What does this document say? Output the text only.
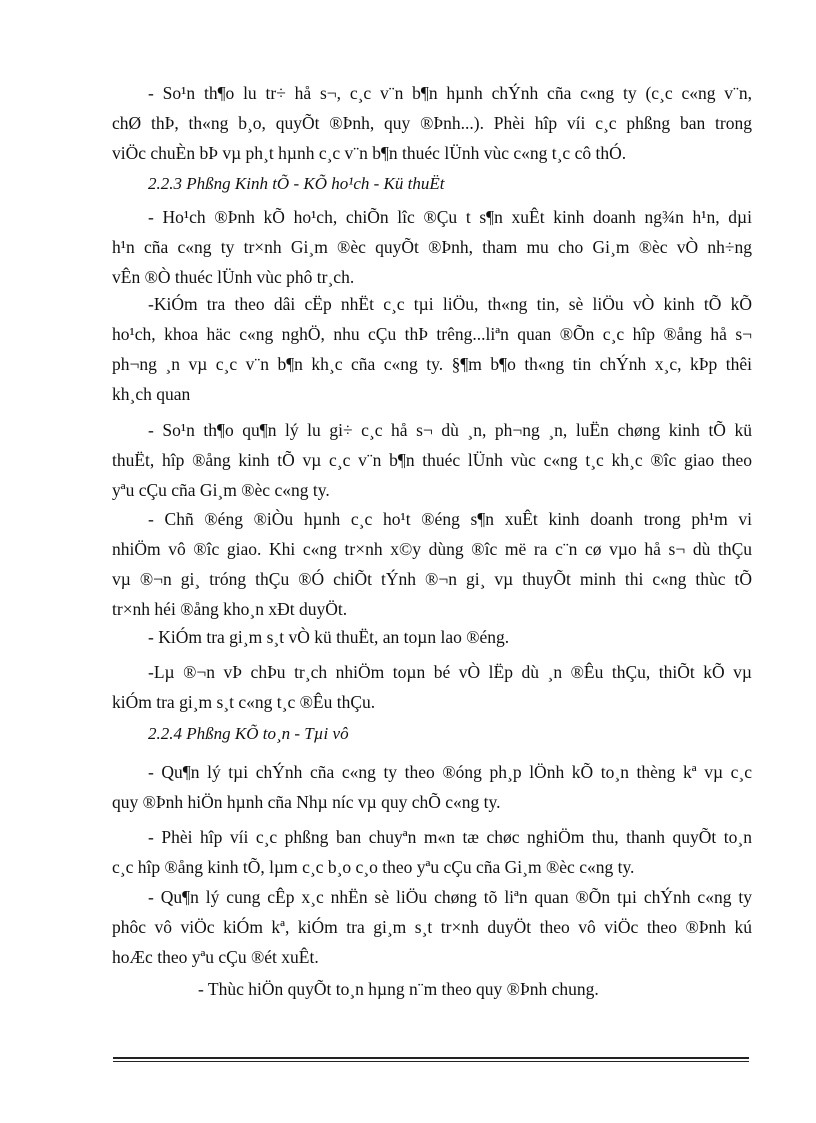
- So¹n th¶o lu tr÷ hå s¬, c¸c v¨n b¶n hµnh chÝnh cña c«ng ty (c¸c c«ng v¨n,
chØ thÞ, th«ng b¸o, quyÕt ®Þnh, quy ®Þnh...). Phèi hîp víi c¸c phßng ban trong
viÖc chuÈn bÞ vµ ph¸t hµnh c¸c v¨n b¶n thuéc lÜnh vùc c«ng t¸c cô thÓ.
2.2.3 Phßng Kinh tÕ - KÕ ho¹ch - Kü thuËt
- Ho¹ch ®Þnh kÕ ho¹ch, chiÕn lîc ®Çu t s¶n xuÊt kinh doanh ng¾n h¹n, dµi
h¹n cña c«ng ty tr×nh Gi¸m ®èc quyÕt ®Þnh, tham mu cho Gi¸m ®èc vÒ nh÷ng
vÊn ®Ò thuéc lÜnh vùc phô tr¸ch.
-KiÓm tra theo dâi cËp nhËt c¸c tµi liÖu, th«ng tin, sè liÖu vÒ kinh tÕ kÕ
ho¹ch, khoa häc c«ng nghÖ, nhu cÇu thÞ trêng...liªn quan ®Õn c¸c hîp ®ång hå s¬
ph¬ng ¸n vµ c¸c v¨n b¶n kh¸c cña c«ng ty. §¶m b¶o th«ng tin chÝnh x¸c, kÞp thêi
kh¸ch quan
- So¹n th¶o qu¶n lý lu gi÷ c¸c hå s¬ dù ¸n, ph¬ng ¸n, luËn chøng kinh tÕ kü
thuËt, hîp ®ång kinh tÕ vµ c¸c v¨n b¶n thuéc lÜnh vùc c«ng t¸c kh¸c ®îc giao theo
yªu cÇu cña Gi¸m ®èc c«ng ty.
- Chñ ®éng ®iÒu hµnh c¸c ho¹t ®éng s¶n xuÊt kinh doanh trong ph¹m vi
nhiÖm vô ®îc giao. Khi c«ng tr×nh x©y dùng ®îc më ra c¨n cø vµo hå s¬ dù thÇu
vµ ®¬n gi¸ tróng thÇu ®Ó chiÕt tÝnh ®¬n gi¸ vµ thuyÕt minh thi c«ng thùc tÕ
tr×nh héi ®ång kho¸n xÐt duyÖt.
- KiÓm tra gi¸m s¸t vÒ kü thuËt, an toµn lao ®éng.
-Lµ ®¬n vÞ chÞu tr¸ch nhiÖm toµn bé vÒ lËp dù ¸n ®Êu thÇu, thiÕt kÕ vµ
kiÓm tra gi¸m s¸t c«ng t¸c ®Êu thÇu.
2.2.4 Phßng KÕ to¸n - Tµi vô
- Qu¶n lý tµi chÝnh cña c«ng ty theo ®óng ph¸p lÖnh kÕ to¸n thèng kª vµ c¸c
quy ®Þnh hiÖn hµnh cña Nhµ níc vµ quy chÕ c«ng ty.
- Phèi hîp víi c¸c phßng ban chuyªn m«n tæ chøc nghiÖm thu, thanh quyÕt to¸n
c¸c hîp ®ång kinh tÕ, lµm c¸c b¸o c¸o theo yªu cÇu cña Gi¸m ®èc c«ng ty.
- Qu¶n lý cung cÊp x¸c nhËn sè liÖu chøng tõ liªn quan ®Õn tµi chÝnh c«ng ty
phôc vô viÖc kiÓm kª, kiÓm tra gi¸m s¸t tr×nh duyÖt theo vô viÖc theo ®Þnh kú
hoÆc theo yªu cÇu ®ét xuÊt.
- Thùc hiÖn quyÕt to¸n hµng n¨m theo quy ®Þnh chung.
